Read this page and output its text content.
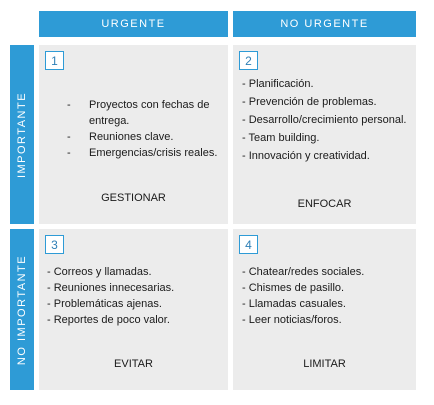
URGENTE	NO URGENTE
IMPORTANTE
NO IMPORTANTE
1
- Proyectos con fechas de entrega.
- Reuniones clave.
- Emergencias/crisis reales.
GESTIONAR
2
- Planificación.
- Prevención de problemas.
- Desarrollo/crecimiento personal.
- Team building.
- Innovación y creatividad.
ENFOCAR
3
- Correos y llamadas.
- Reuniones innecesarias.
- Problemáticas ajenas.
- Reportes de poco valor.
EVITAR
4
- Chatear/redes sociales.
- Chismes de pasillo.
- Llamadas casuales.
- Leer noticias/foros.
LIMITAR
